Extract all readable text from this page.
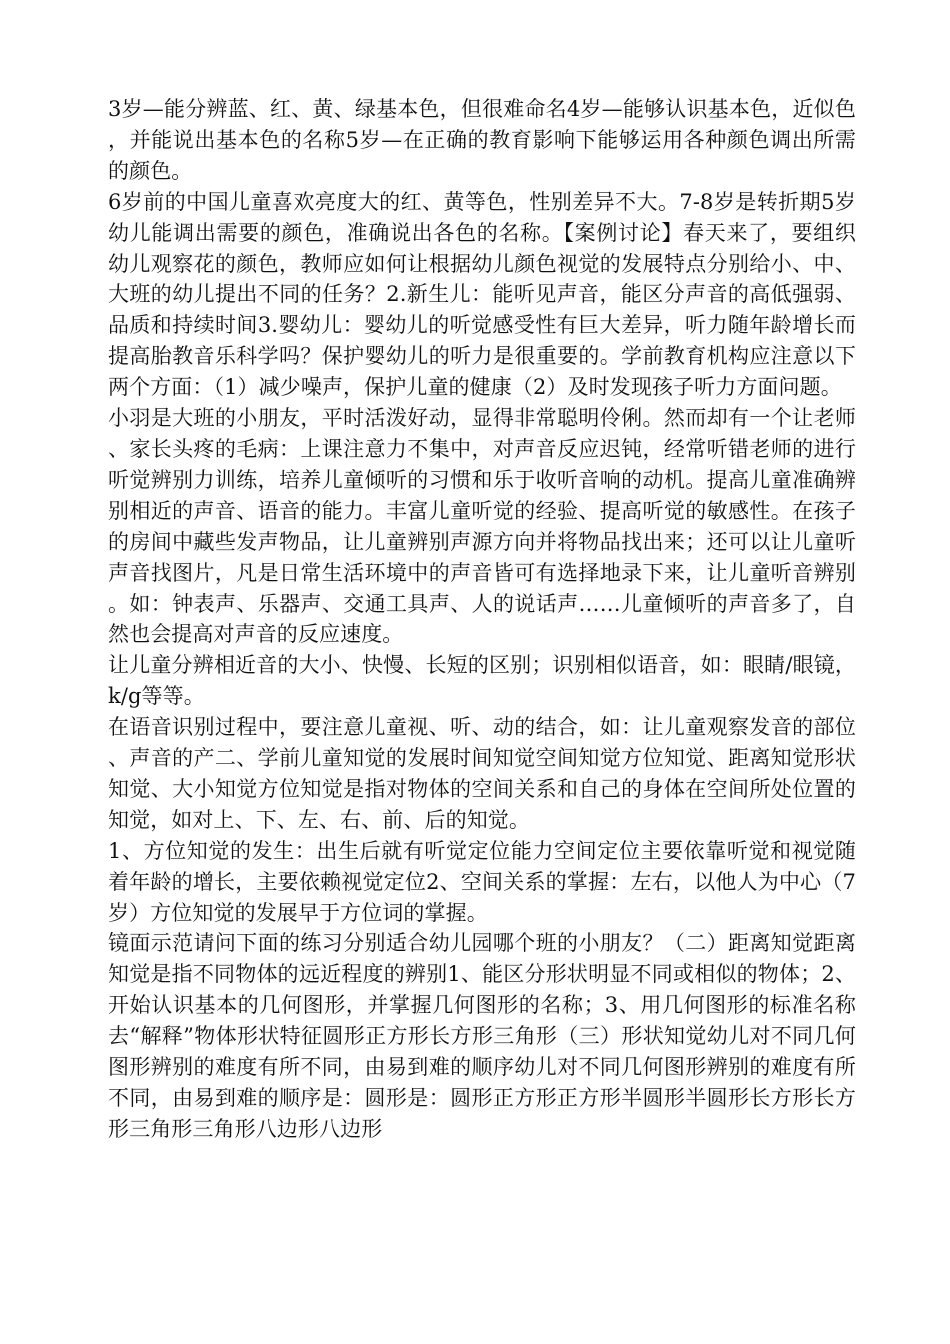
3岁—能分辨蓝、红、黄、绿基本色，但很难命名4岁—能够认识基本色，近似色，并能说出基本色的名称5岁—在正确的教育影响下能够运用各种颜色调出所需的颜色。

6岁前的中国儿童喜欢亮度大的红、黄等色，性别差异不大。7-8岁是转折期5岁幼儿能调出需要的颜色，准确说出各色的名称。【案例讨论】春天来了，要组织幼儿观察花的颜色，教师应如何让根据幼儿颜色视觉的发展特点分别给小、中、大班的幼儿提出不同的任务？2.新生儿：能听见声音，能区分声音的高低强弱、品质和持续时间3.婴幼儿：婴幼儿的听觉感受性有巨大差异，听力随年龄增长而提高胎教音乐科学吗？保护婴幼儿的听力是很重要的。学前教育机构应注意以下两个方面：（1）减少噪声，保护儿童的健康（2）及时发现孩子听力方面问题。

小羽是大班的小朋友，平时活泼好动，显得非常聪明伶俐。然而却有一个让老师、家长头疼的毛病：上课注意力不集中，对声音反应迟钝，经常听错老师的进行听觉辨别力训练，培养儿童倾听的习惯和乐于收听音响的动机。提高儿童准确辨别相近的声音、语音的能力。丰富儿童听觉的经验、提高听觉的敏感性。在孩子的房间中藏些发声物品，让儿童辨别声源方向并将物品找出来；还可以让儿童听声音找图片，凡是日常生活环境中的声音皆可有选择地录下来，让儿童听音辨别。如：钟表声、乐器声、交通工具声、人的说话声……儿童倾听的声音多了，自然也会提高对声音的反应速度。

让儿童分辨相近音的大小、快慢、长短的区别；识别相似语音，如：眼睛/眼镜，k/g等等。

在语音识别过程中，要注意儿童视、听、动的结合，如：让儿童观察发音的部位、声音的产二、学前儿童知觉的发展时间知觉空间知觉方位知觉、距离知觉形状知觉、大小知觉方位知觉是指对物体的空间关系和自己的身体在空间所处位置的知觉，如对上、下、左、右、前、后的知觉。

1、方位知觉的发生：出生后就有听觉定位能力空间定位主要依靠听觉和视觉随着年龄的增长，主要依赖视觉定位2、空间关系的掌握：左右，以他人为中心（7岁）方位知觉的发展早于方位词的掌握。

镜面示范请问下面的练习分别适合幼儿园哪个班的小朋友？（二）距离知觉距离知觉是指不同物体的远近程度的辨别1、能区分形状明显不同或相似的物体；2、开始认识基本的几何图形，并掌握几何图形的名称；3、用几何图形的标准名称去“解释”物体形状特征圆形正方形长方形三角形（三）形状知觉幼儿对不同几何图形辨别的难度有所不同，由易到难的顺序幼儿对不同几何图形辨别的难度有所不同，由易到难的顺序是：圆形是：圆形正方形正方形半圆形半圆形长方形长方形三角形三角形八边形八边形
